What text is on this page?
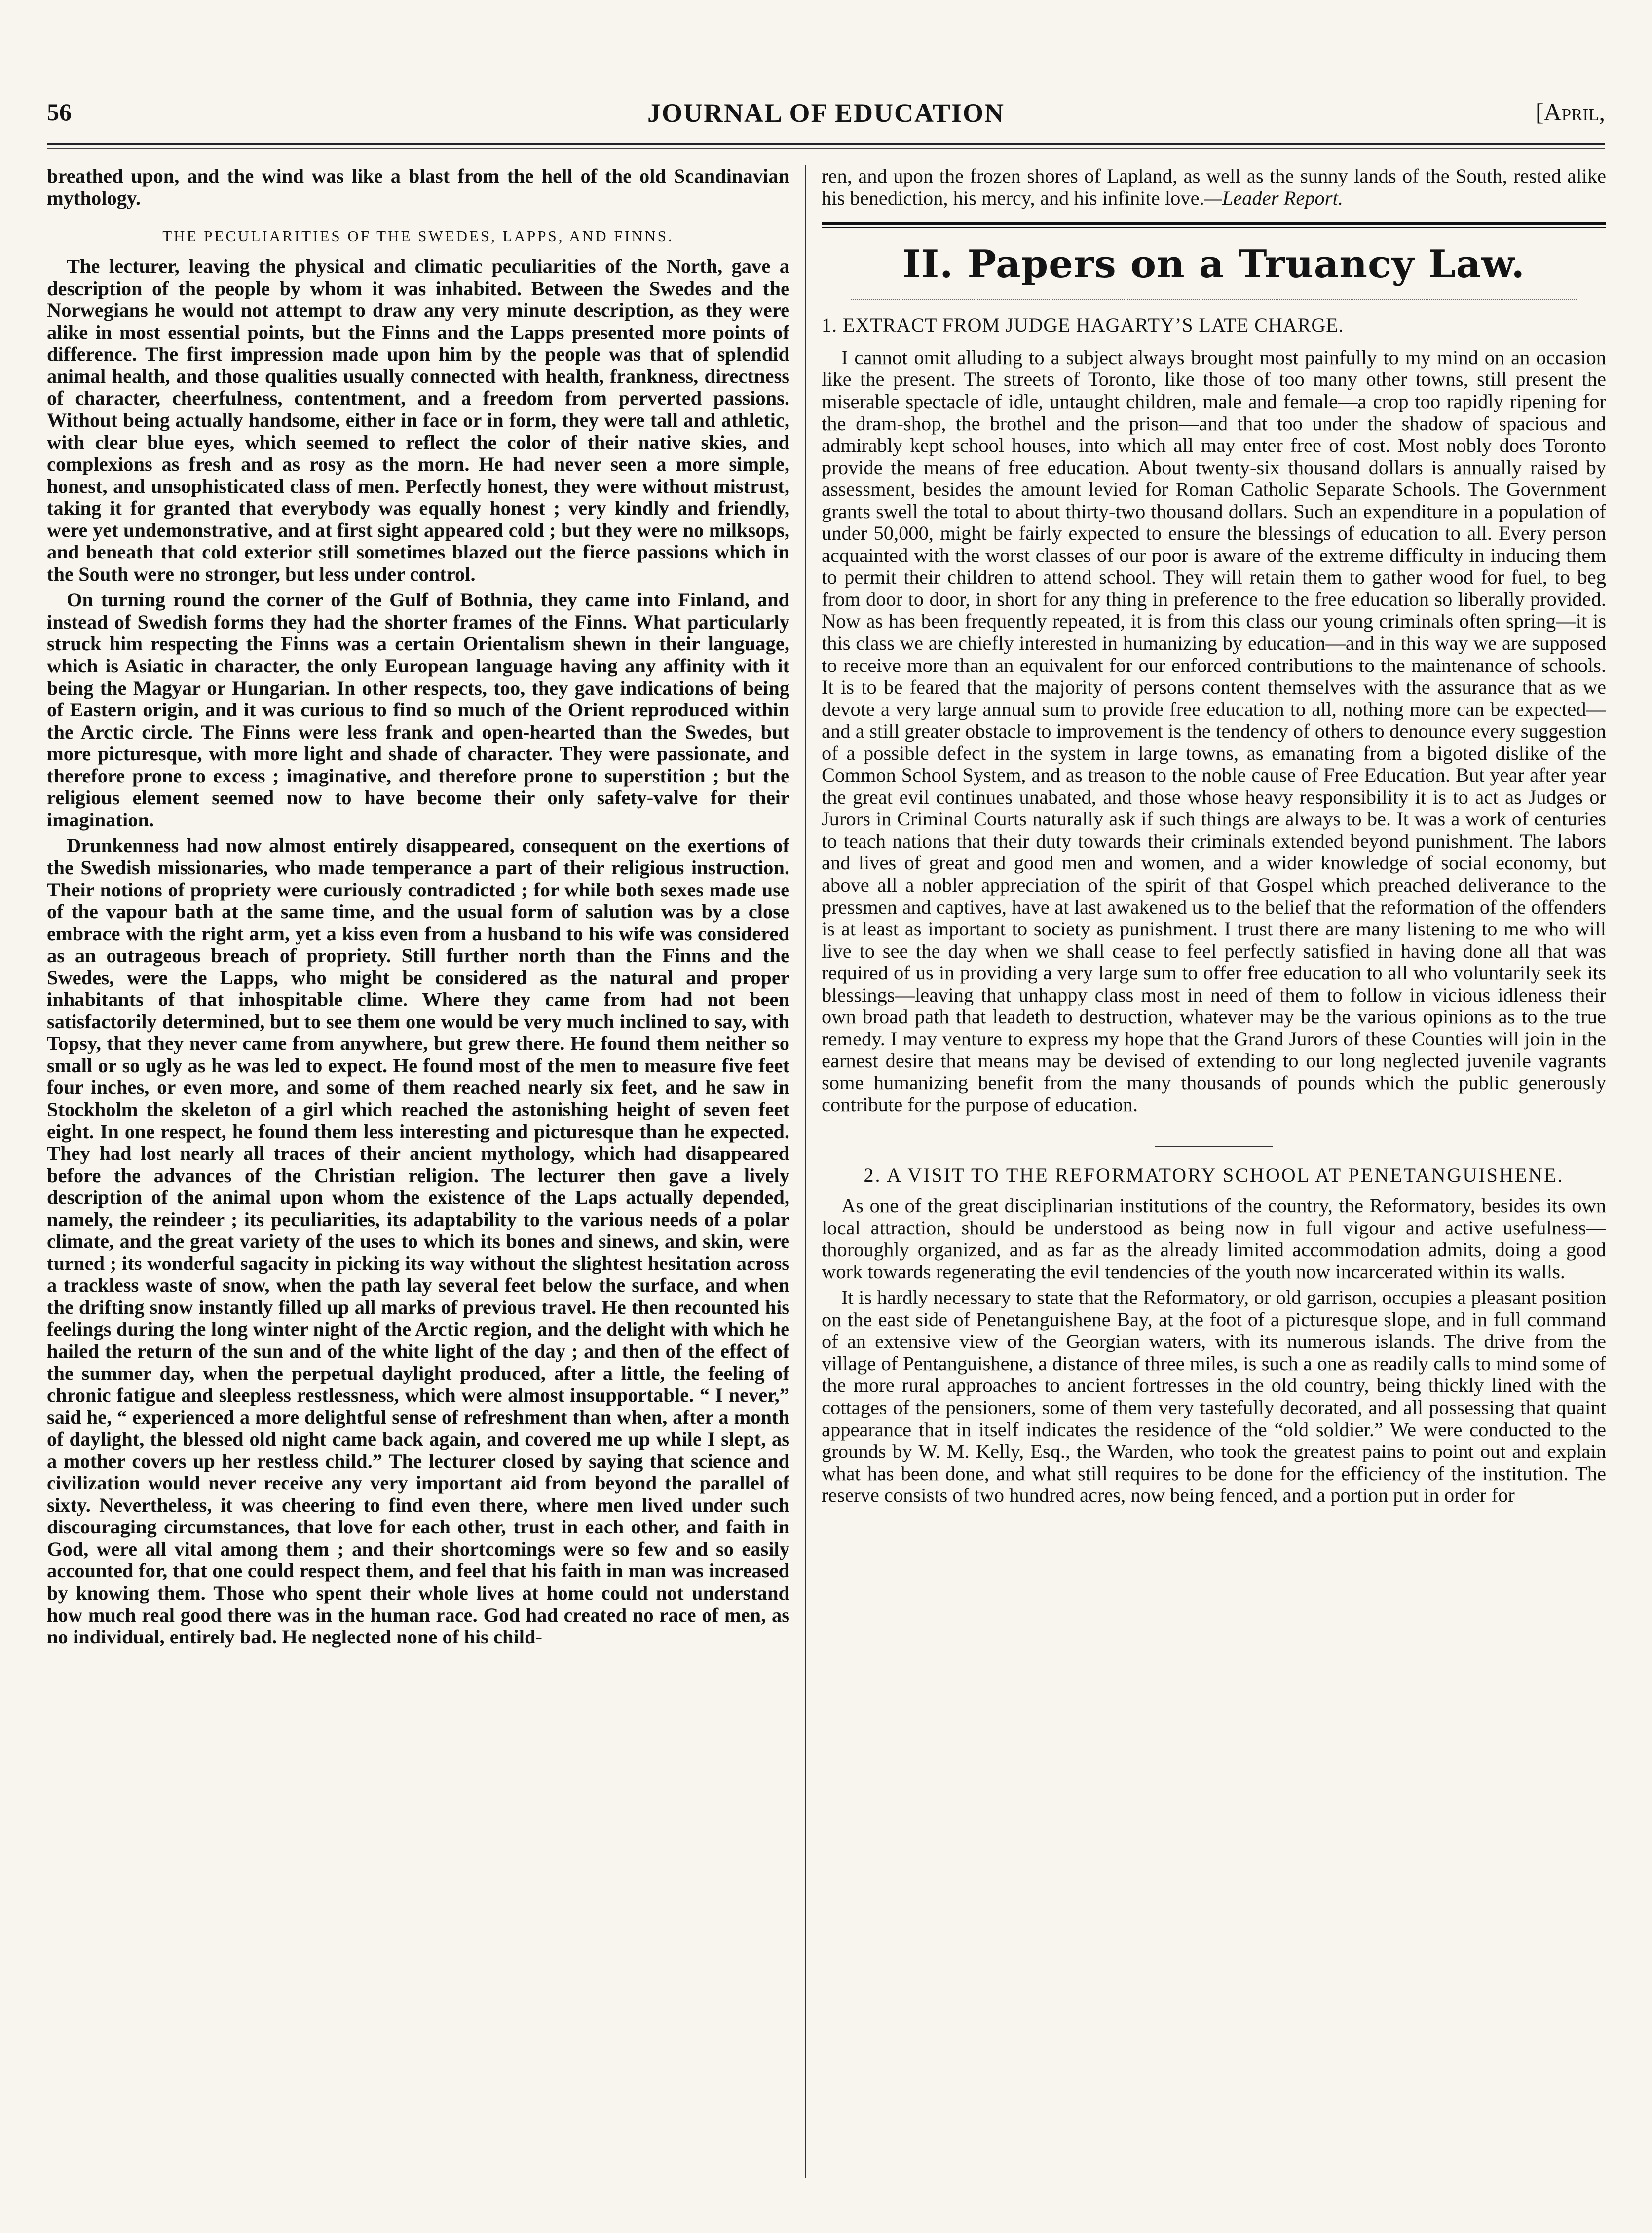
56	JOURNAL OF EDUCATION	[April,

breathed upon, and the wind was like a blast from the hell of the old Scandinavian mythology.

THE PECULIARITIES OF THE SWEDES, LAPPS, AND FINNS.

The lecturer, leaving the physical and climatic peculiarities of the North, gave a description of the people by whom it was inhabited. Between the Swedes and the Norwegians he would not attempt to draw any very minute description, as they were alike in most essential points, but the Finns and the Lapps presented more points of difference. The first impression made upon him by the people was that of splendid animal health, and those qualities usually connected with health, frankness, directness of character, cheerfulness, contentment, and a freedom from perverted passions. Without being actually handsome, either in face or in form, they were tall and athletic, with clear blue eyes, which seemed to reflect the color of their native skies, and complexions as fresh and as rosy as the morn. He had never seen a more simple, honest, and unsophisticated class of men. Perfectly honest, they were without mistrust, taking it for granted that everybody was equally honest ; very kindly and friendly, were yet undemonstrative, and at first sight appeared cold ; but they were no milksops, and beneath that cold exterior still sometimes blazed out the fierce passions which in the South were no stronger, but less under control.

On turning round the corner of the Gulf of Bothnia, they came into Finland, and instead of Swedish forms they had the shorter frames of the Finns. What particularly struck him respecting the Finns was a certain Orientalism shewn in their language, which is Asiatic in character, the only European language having any affinity with it being the Magyar or Hungarian. In other respects, too, they gave indications of being of Eastern origin, and it was curious to find so much of the Orient reproduced within the Arctic circle. The Finns were less frank and open-hearted than the Swedes, but more picturesque, with more light and shade of character. They were passionate, and therefore prone to excess ; imaginative, and therefore prone to superstition ; but the religious element seemed now to have become their only safety-valve for their imagination.

Drunkenness had now almost entirely disappeared, consequent on the exertions of the Swedish missionaries, who made temperance a part of their religious instruction. Their notions of propriety were curiously contradicted ; for while both sexes made use of the vapour bath at the same time, and the usual form of salution was by a close embrace with the right arm, yet a kiss even from a husband to his wife was considered as an outrageous breach of propriety. Still further north than the Finns and the Swedes, were the Lapps, who might be considered as the natural and proper inhabitants of that inhospitable clime. Where they came from had not been satisfactorily determined, but to see them one would be very much inclined to say, with Topsy, that they never came from anywhere, but grew there. He found them neither so small or so ugly as he was led to expect. He found most of the men to measure five feet four inches, or even more, and some of them reached nearly six feet, and he saw in Stockholm the skeleton of a girl which reached the astonishing height of seven feet eight. In one respect, he found them less interesting and picturesque than he expected. They had lost nearly all traces of their ancient mythology, which had disappeared before the advances of the Christian religion. The lecturer then gave a lively description of the animal upon whom the existence of the Laps actually depended, namely, the reindeer ; its peculiarities, its adaptability to the various needs of a polar climate, and the great variety of the uses to which its bones and sinews, and skin, were turned ; its wonderful sagacity in picking its way without the slightest hesitation across a trackless waste of snow, when the path lay several feet below the surface, and when the drifting snow instantly filled up all marks of previous travel. He then recounted his feelings during the long winter night of the Arctic region, and the delight with which he hailed the return of the sun and of the white light of the day ; and then of the effect of the summer day, when the perpetual daylight produced, after a little, the feeling of chronic fatigue and sleepless restlessness, which were almost insupportable. “ I never,” said he, “ experienced a more delightful sense of refreshment than when, after a month of daylight, the blessed old night came back again, and covered me up while I slept, as a mother covers up her restless child.” The lecturer closed by saying that science and civilization would never receive any very important aid from beyond the parallel of sixty. Nevertheless, it was cheering to find even there, where men lived under such discouraging circumstances, that love for each other, trust in each other, and faith in God, were all vital among them ; and their shortcomings were so few and so easily accounted for, that one could respect them, and feel that his faith in man was increased by knowing them. Those who spent their whole lives at home could not understand how much real good there was in the human race. God had created no race of men, as no individual, entirely bad. He neglected none of his child-

ren, and upon the frozen shores of Lapland, as well as the sunny lands of the South, rested alike his benediction, his mercy, and his infinite love.—Leader Report.

II. Papers on a Truancy Law.
1. EXTRACT FROM JUDGE HAGARTY’S LATE CHARGE.

I cannot omit alluding to a subject always brought most painfully to my mind on an occasion like the present. The streets of Toronto, like those of too many other towns, still present the miserable spectacle of idle, untaught children, male and female—a crop too rapidly ripening for the dram-shop, the brothel and the prison—and that too under the shadow of spacious and admirably kept school houses, into which all may enter free of cost. Most nobly does Toronto provide the means of free education. About twenty-six thousand dollars is annually raised by assessment, besides the amount levied for Roman Catholic Separate Schools. The Government grants swell the total to about thirty-two thousand dollars. Such an expenditure in a population of under 50,000, might be fairly expected to ensure the blessings of education to all. Every person acquainted with the worst classes of our poor is aware of the extreme difficulty in inducing them to permit their children to attend school. They will retain them to gather wood for fuel, to beg from door to door, in short for any thing in preference to the free education so liberally provided. Now as has been frequently repeated, it is from this class our young criminals often spring—it is this class we are chiefly interested in humanizing by education—and in this way we are supposed to receive more than an equivalent for our enforced contributions to the maintenance of schools. It is to be feared that the majority of persons content themselves with the assurance that as we devote a very large annual sum to provide free education to all, nothing more can be expected—and a still greater obstacle to improvement is the tendency of others to denounce every suggestion of a possible defect in the system in large towns, as emanating from a bigoted dislike of the Common School System, and as treason to the noble cause of Free Education. But year after year the great evil continues unabated, and those whose heavy responsibility it is to act as Judges or Jurors in Criminal Courts naturally ask if such things are always to be. It was a work of centuries to teach nations that their duty towards their criminals extended beyond punishment. The labors and lives of great and good men and women, and a wider knowledge of social economy, but above all a nobler appreciation of the spirit of that Gospel which preached deliverance to the pressmen and captives, have at last awakened us to the belief that the reformation of the offenders is at least as important to society as punishment. I trust there are many listening to me who will live to see the day when we shall cease to feel perfectly satisfied in having done all that was required of us in providing a very large sum to offer free education to all who voluntarily seek its blessings—leaving that unhappy class most in need of them to follow in vicious idleness their own broad path that leadeth to destruction, whatever may be the various opinions as to the true remedy. I may venture to express my hope that the Grand Jurors of these Counties will join in the earnest desire that means may be devised of extending to our long neglected juvenile vagrants some humanizing benefit from the many thousands of pounds which the public generously contribute for the purpose of education.

2. A VISIT TO THE REFORMATORY SCHOOL AT PENETANGUISHENE.

As one of the great disciplinarian institutions of the country, the Reformatory, besides its own local attraction, should be understood as being now in full vigour and active usefulness—thoroughly organized, and as far as the already limited accommodation admits, doing a good work towards regenerating the evil tendencies of the youth now incarcerated within its walls.

It is hardly necessary to state that the Reformatory, or old garrison, occupies a pleasant position on the east side of Penetanguishene Bay, at the foot of a picturesque slope, and in full command of an extensive view of the Georgian waters, with its numerous islands. The drive from the village of Pentanguishene, a distance of three miles, is such a one as readily calls to mind some of the more rural approaches to ancient fortresses in the old country, being thickly lined with the cottages of the pensioners, some of them very tastefully decorated, and all possessing that quaint appearance that in itself indicates the residence of the “old soldier.” We were conducted to the grounds by W. M. Kelly, Esq., the Warden, who took the greatest pains to point out and explain what has been done, and what still requires to be done for the efficiency of the institution. The reserve consists of two hundred acres, now being fenced, and a portion put in order for
